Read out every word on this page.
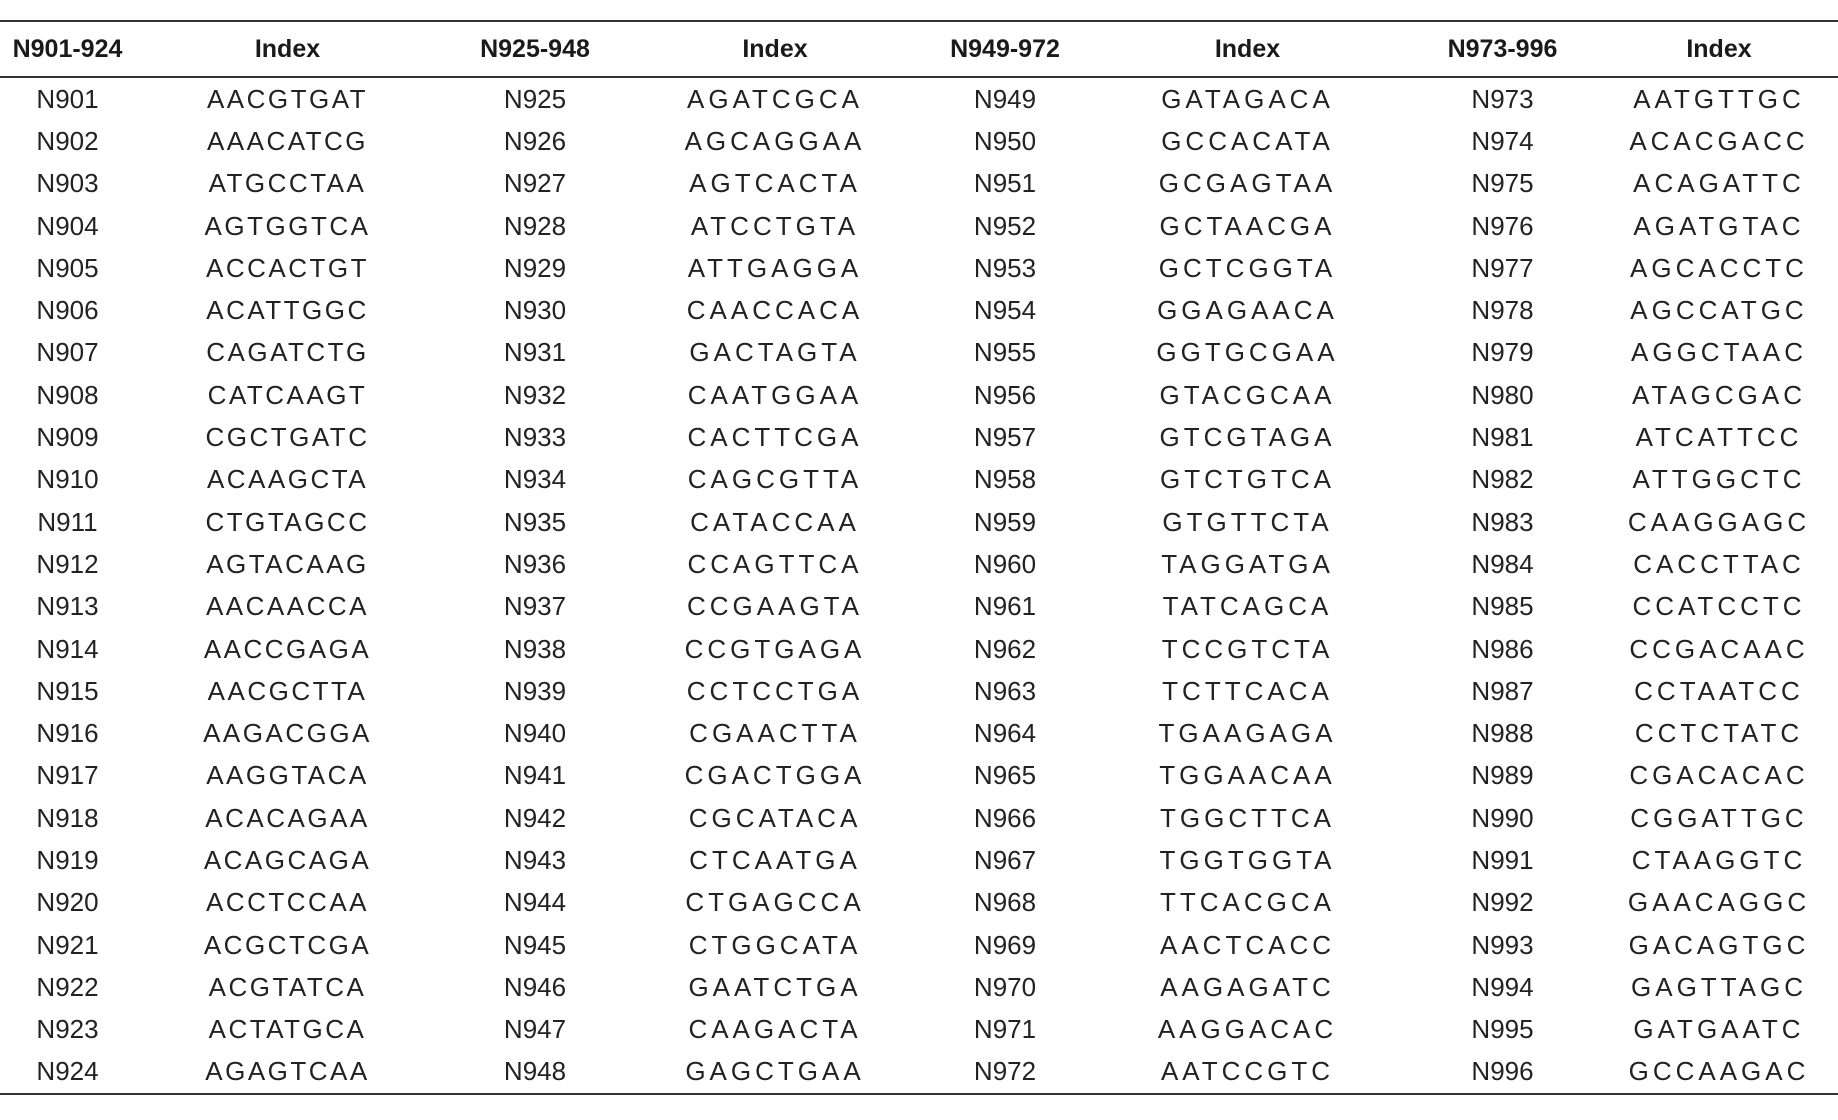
N901-924	Index	N925-948	Index	N949-972	Index	N973-996	Index
N901	AACGTGAT	N925	AGATCGCA	N949	GATAGACA	N973	AATGTTGC
N902	AAACATCG	N926	AGCAGGAA	N950	GCCACATA	N974	ACACGACC
N903	ATGCCTAA	N927	AGTCACTA	N951	GCGAGTAA	N975	ACAGATTC
N904	AGTGGTCA	N928	ATCCTGTA	N952	GCTAACGA	N976	AGATGTAC
N905	ACCACTGT	N929	ATTGAGGA	N953	GCTCGGTA	N977	AGCACCTC
N906	ACATTGGC	N930	CAACCACA	N954	GGAGAACA	N978	AGCCATGC
N907	CAGATCTG	N931	GACTAGTA	N955	GGTGCGAA	N979	AGGCTAAC
N908	CATCAAGT	N932	CAATGGAA	N956	GTACGCAA	N980	ATAGCGAC
N909	CGCTGATC	N933	CACTTCGA	N957	GTCGTAGA	N981	ATCATTCC
N910	ACAAGCTA	N934	CAGCGTTA	N958	GTCTGTCA	N982	ATTGGCTC
N911	CTGTAGCC	N935	CATACCAA	N959	GTGTTCTA	N983	CAAGGAGC
N912	AGTACAAG	N936	CCAGTTCA	N960	TAGGATGA	N984	CACCTTAC
N913	AACAACCA	N937	CCGAAGTA	N961	TATCAGCA	N985	CCATCCTC
N914	AACCGAGA	N938	CCGTGAGA	N962	TCCGTCTA	N986	CCGACAAC
N915	AACGCTTA	N939	CCTCCTGA	N963	TCTTCACA	N987	CCTAATCC
N916	AAGACGGA	N940	CGAACTTA	N964	TGAAGAGA	N988	CCTCTATC
N917	AAGGTACA	N941	CGACTGGA	N965	TGGAACAA	N989	CGACACAC
N918	ACACAGAA	N942	CGCATACA	N966	TGGCTTCA	N990	CGGATTGC
N919	ACAGCAGA	N943	CTCAATGA	N967	TGGTGGTA	N991	CTAAGGTC
N920	ACCTCCAA	N944	CTGAGCCA	N968	TTCACGCA	N992	GAACAGGC
N921	ACGCTCGA	N945	CTGGCATA	N969	AACTCACC	N993	GACAGTGC
N922	ACGTATCA	N946	GAATCTGA	N970	AAGAGATC	N994	GAGTTAGC
N923	ACTATGCA	N947	CAAGACTA	N971	AAGGACAC	N995	GATGAATC
N924	AGAGTCAA	N948	GAGCTGAA	N972	AATCCGTC	N996	GCCAAGAC
